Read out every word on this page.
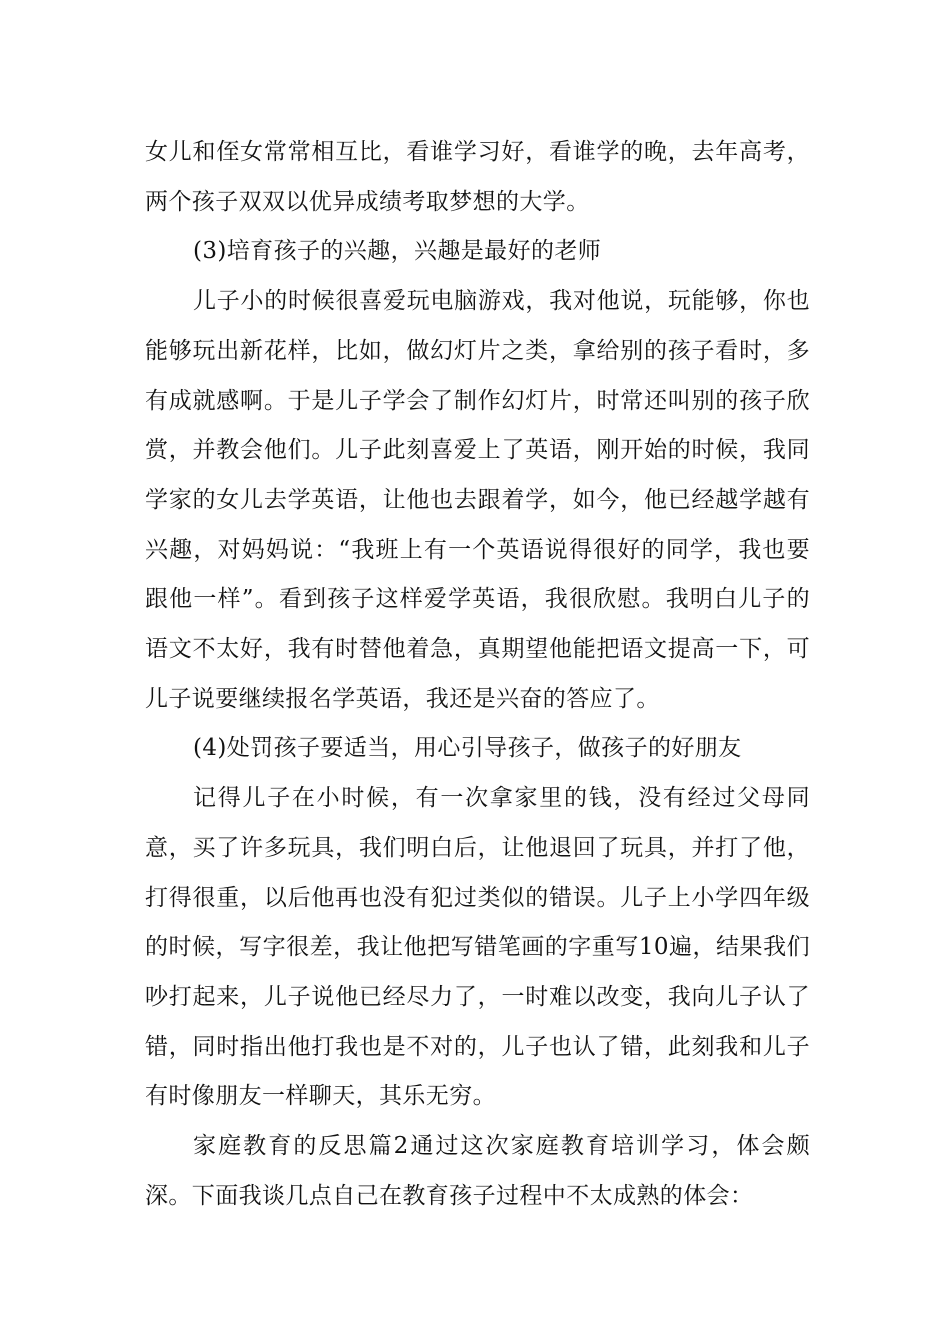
女儿和侄女常常相互比，看谁学习好，看谁学的晚，去年高考，两个孩子双双以优异成绩考取梦想的大学。

(3)培育孩子的兴趣，兴趣是最好的老师

儿子小的时候很喜爱玩电脑游戏，我对他说，玩能够，你也能够玩出新花样，比如，做幻灯片之类，拿给别的孩子看时，多有成就感啊。于是儿子学会了制作幻灯片，时常还叫别的孩子欣赏，并教会他们。儿子此刻喜爱上了英语，刚开始的时候，我同学家的女儿去学英语，让他也去跟着学，如今，他已经越学越有兴趣，对妈妈说：“我班上有一个英语说得很好的同学，我也要跟他一样”。看到孩子这样爱学英语，我很欣慰。我明白儿子的语文不太好，我有时替他着急，真期望他能把语文提高一下，可儿子说要继续报名学英语，我还是兴奋的答应了。

(4)处罚孩子要适当，用心引导孩子，做孩子的好朋友

记得儿子在小时候，有一次拿家里的钱，没有经过父母同意，买了许多玩具，我们明白后，让他退回了玩具，并打了他，打得很重，以后他再也没有犯过类似的错误。儿子上小学四年级的时候，写字很差，我让他把写错笔画的字重写10遍，结果我们吵打起来，儿子说他已经尽力了，一时难以改变，我向儿子认了错，同时指出他打我也是不对的，儿子也认了错，此刻我和儿子有时像朋友一样聊天，其乐无穷。

家庭教育的反思篇2通过这次家庭教育培训学习，体会颇深。下面我谈几点自己在教育孩子过程中不太成熟的体会：
